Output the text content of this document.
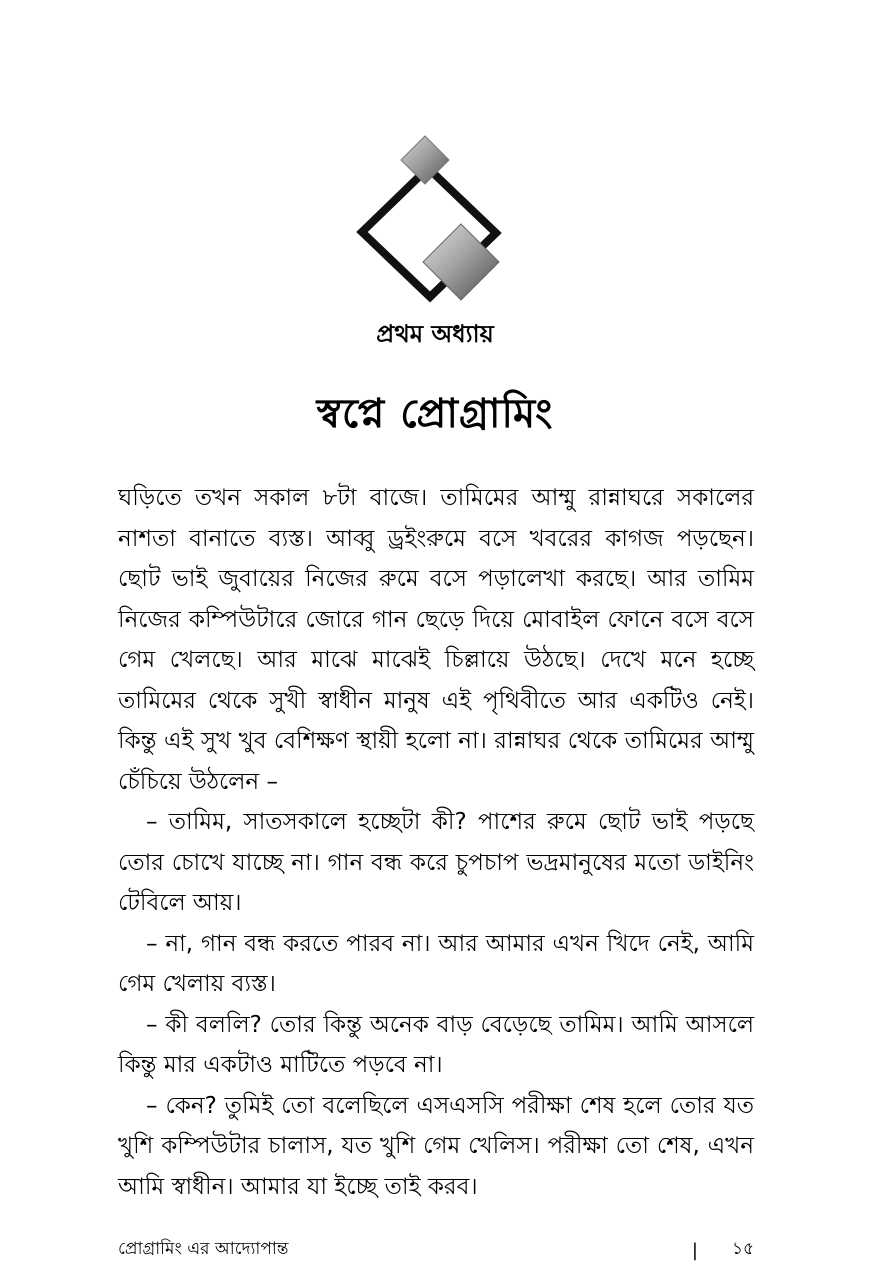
প্রথম অধ্যায়
স্বপ্নে প্রোগ্রামিং

ঘড়িতে তখন সকাল ৮টা বাজে। তামিমের আম্মু রান্নাঘরে সকালের নাশতা বানাতে ব্যস্ত। আব্বু ড্রইংরুমে বসে খবরের কাগজ পড়ছেন। ছোট ভাই জুবায়ের নিজের রুমে বসে পড়ালেখা করছে। আর তামিম নিজের কম্পিউটারে জোরে গান ছেড়ে দিয়ে মোবাইল ফোনে বসে বসে গেম খেলছে। আর মাঝে মাঝেই চিল্লায়ে উঠছে। দেখে মনে হচ্ছে তামিমের থেকে সুখী স্বাধীন মানুষ এই পৃথিবীতে আর একটিও নেই। কিন্তু এই সুখ খুব বেশিক্ষণ স্থায়ী হলো না। রান্নাঘর থেকে তামিমের আম্মু চেঁচিয়ে উঠলেন –

– তামিম, সাতসকালে হচ্ছেটা কী? পাশের রুমে ছোট ভাই পড়ছে তোর চোখে যাচ্ছে না। গান বন্ধ করে চুপচাপ ভদ্রমানুষের মতো ডাইনিং টেবিলে আয়।

– না, গান বন্ধ করতে পারব না। আর আমার এখন খিদে নেই, আমি গেম খেলায় ব্যস্ত।

– কী বললি? তোর কিন্তু অনেক বাড় বেড়েছে তামিম। আমি আসলে কিন্তু মার একটাও মাটিতে পড়বে না।

– কেন? তুমিই তো বলেছিলে এসএসসি পরীক্ষা শেষ হলে তোর যত খুশি কম্পিউটার চালাস, যত খুশি গেম খেলিস। পরীক্ষা তো শেষ, এখন আমি স্বাধীন। আমার যা ইচ্ছে তাই করব।

প্রোগ্রামিং এর আদ্যোপান্ত	| ১৫
